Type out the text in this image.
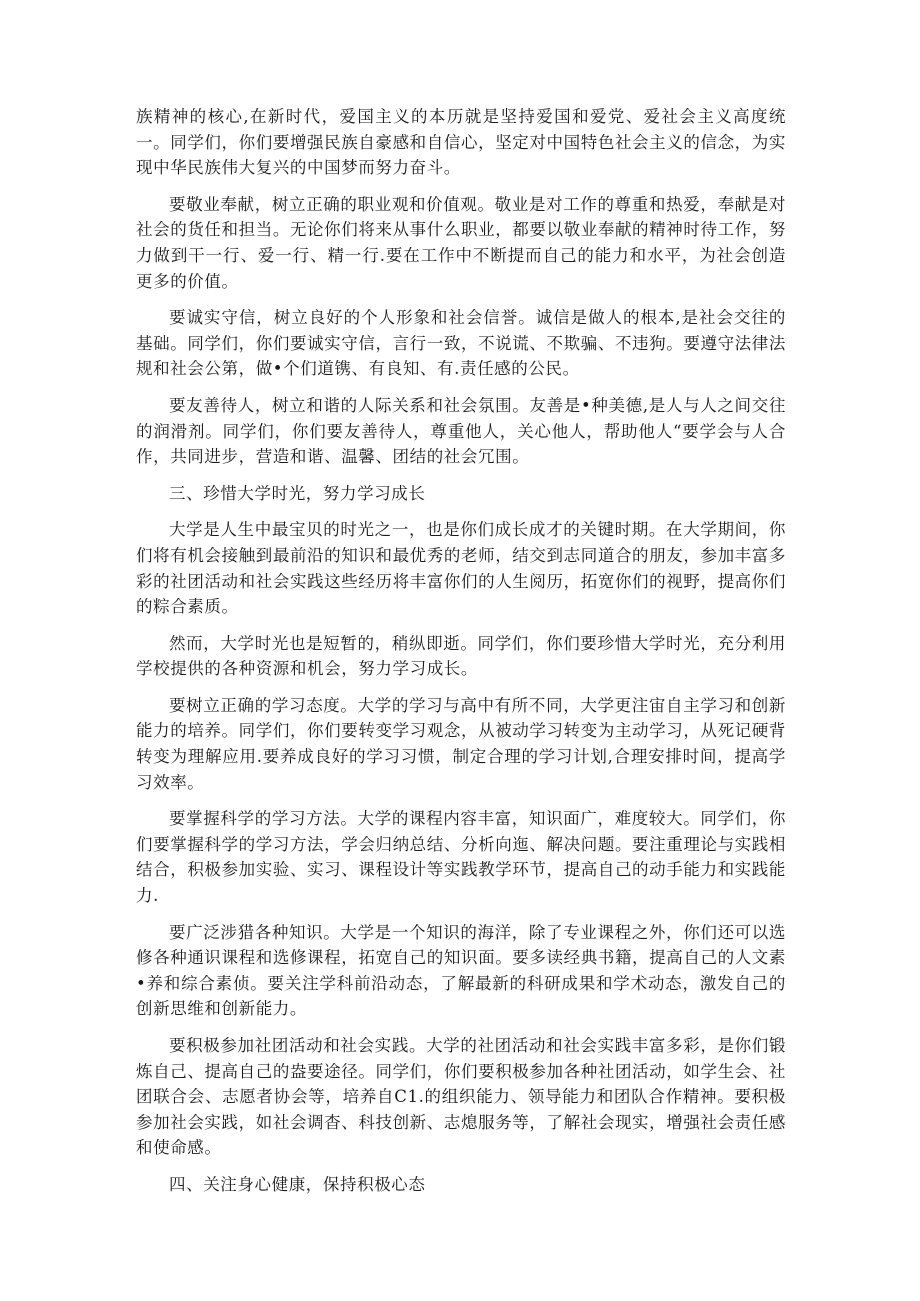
族精神的核心,在新时代，爱国主义的本历就是坚持爱国和爱党、爱社会主义高度统一。同学们，你们要增强民族自豪感和自信心，坚定对中国特色社会主义的信念，为实现中华民族伟大复兴的中国梦而努力奋斗。

要敬业奉献，树立正确的职业观和价值观。敬业是对工作的尊重和热爱，奉献是对社会的货任和担当。无论你们将来从事什么职业，都要以敬业奉献的精神时待工作，努力做到干一行、爱一行、精一行.要在工作中不断提而自己的能力和水平，为社会创造更多的价值。

要诚实守信，树立良好的个人形象和社会信誉。诚信是做人的根本,是社会交往的基础。同学们，你们要诚实守信，言行一致，不说谎、不欺骗、不违狗。要遵守法律法规和社会公第，做•个们道镌、有良知、有.责任感的公民。

要友善待人，树立和谐的人际关系和社会氛围。友善是•种美德,是人与人之间交往的润滑剂。同学们，你们要友善待人，尊重他人，关心他人，帮助他人“要学会与人合作，共同进步，营造和谐、温馨、团结的社会冗围。

三、珍惜大学时光，努力学习成长

大学是人生中最宝贝的时光之一，也是你们成长成才的关键时期。在大学期间，你们将有机会接触到最前沿的知识和最优秀的老师，结交到志同道合的朋友，参加丰富多彩的社团活动和社会实践这些经历将丰富你们的人生阅历，拓宽你们的视野，提高你们的粽合素质。

然而，大学时光也是短暂的，稍纵即逝。同学们，你们要珍惜大学时光，充分利用学校提供的各种资源和机会，努力学习成长。

要树立正确的学习态度。大学的学习与高中有所不同，大学更注宙自主学习和创新能力的培养。同学们，你们要转变学习观念，从被动学习转变为主动学习，从死记硬背转变为理解应用.要养成良好的学习习惯，制定合理的学习计划,合理安排时间，提高学习效率。

要掌握科学的学习方法。大学的课程内容丰富，知识面广，难度较大。同学们，你们要掌握科学的学习方法，学会归纳总结、分析向迤、解决问题。要注重理论与实践相结合，积极参加实验、实习、课程设计等实践教学环节，提高自己的动手能力和实践能力.

要广泛涉猎各种知识。大学是一个知识的海洋，除了专业课程之外，你们还可以选修各种通识课程和选修课程，拓宽自己的知识面。要多读经典书籍，提高自己的人文素•养和综合素侦。要关注学科前沿动态，了解最新的科研成果和学术动态，激发自己的创新思维和创新能力。

要积极参加社团活动和社会实践。大学的社团活动和社会实践丰富多彩，是你们锻炼自己、提高自己的盎要途径。同学们，你们要积极参加各种社团活动，如学生会、社团联合会、志愿者协会等，培养自C1.的组织能力、领导能力和团队合作精神。要积极参加社会实践，如社会调杳、科技创新、志熄服务等，了解社会现实，增强社会责任感和使命感。

四、关注身心健康，保持积极心态
